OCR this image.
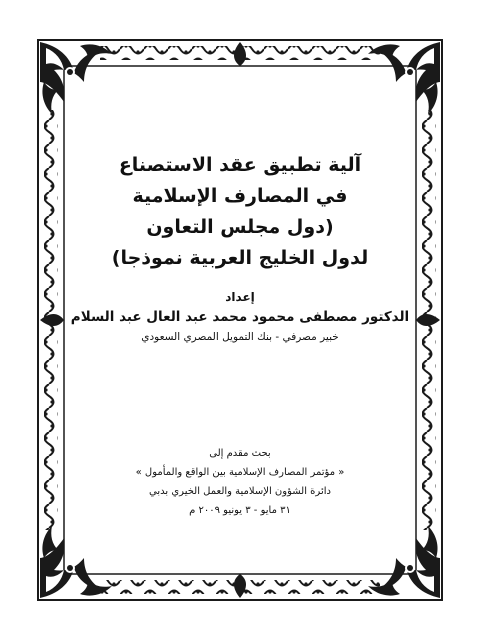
آلية تطبيق عقد الاستصناع
في المصارف الإسلامية
(دول مجلس التعاون
لدول الخليج العربية نموذجا)
إعداد
الدكتور مصطفى محمود محمد عبد العال عبد السلام
خبير مصرفي - بنك التمويل المصري السعودي
بحث مقدم إلى
« مؤتمر المصارف الإسلامية بين الواقع والمأمول »
دائرة الشؤون الإسلامية والعمل الخيري بدبي
٣١ مايو - ٣ يونيو ٢٠٠٩ م
